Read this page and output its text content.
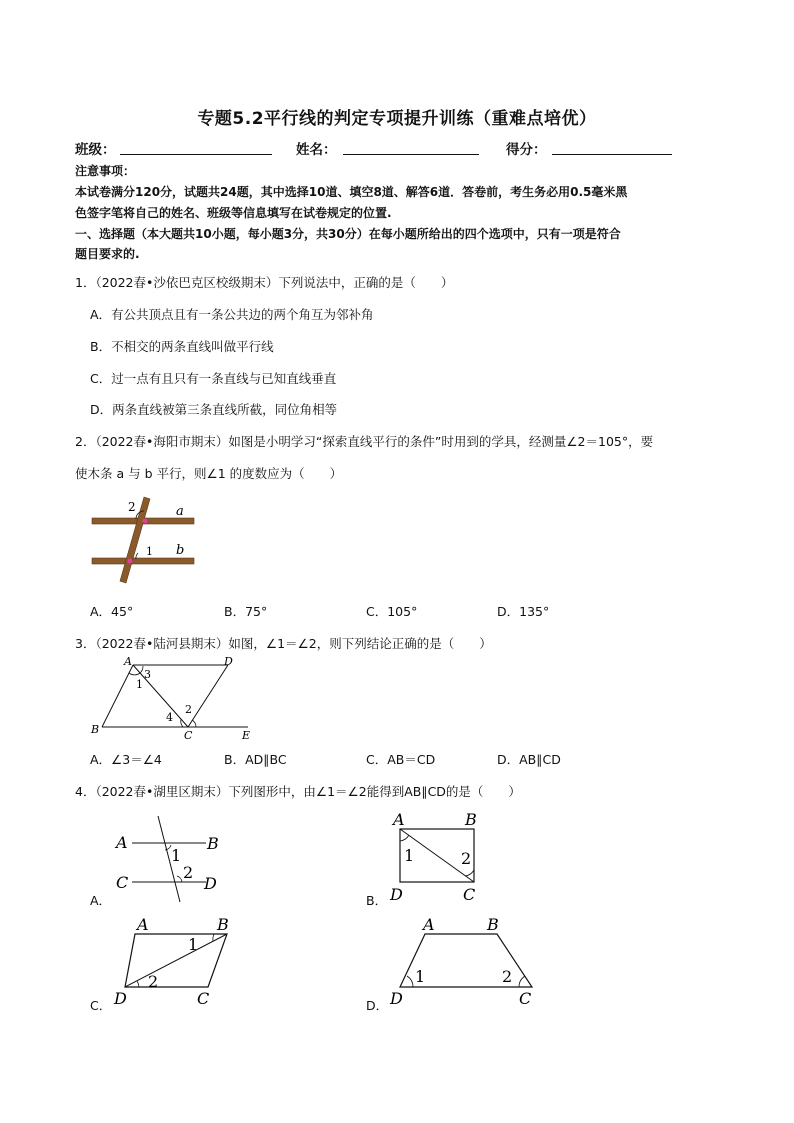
专题5.2平行线的判定专项提升训练（重难点培优）
班级：	姓名：	得分：
注意事项：
本试卷满分120分，试题共24题，其中选择10道、填空8道、解答6道．答卷前，考生务必用0.5毫米黑
色签字笔将自己的姓名、班级等信息填写在试卷规定的位置.
一、选择题（本大题共10小题，每小题3分，共30分）在每小题所给出的四个选项中，只有一项是符合
题目要求的.
1．（2022春•沙依巴克区校级期末）下列说法中，正确的是（　　）
A．有公共顶点且有一条公共边的两个角互为邻补角
B．不相交的两条直线叫做平行线
C．过一点有且只有一条直线与已知直线垂直
D．两条直线被第三条直线所截，同位角相等
2．（2022春•海阳市期末）如图是小明学习“探索直线平行的条件”时用到的学具，经测量∠2＝105°，要
使木条 a 与 b 平行，则∠1 的度数应为（　　）
2
1
a
b
A．45°	B．75°	C．105°	D．135°
3．（2022春•陆河县期末）如图，∠1＝∠2，则下列结论正确的是（　　）
A	D
B	C	E
1
3
4
2
A．∠3＝∠4	B．AD∥BC	C．AB＝CD	D．AB∥CD
4．（2022春•湖里区期末）下列图形中，由∠1＝∠2能得到AB∥CD的是（　　）
A	B
C	D
1
2
A．
A	B
D	C
1	2
B．
A	B
D	C
1
2
C．
A	B
D	C
1	2
D．
